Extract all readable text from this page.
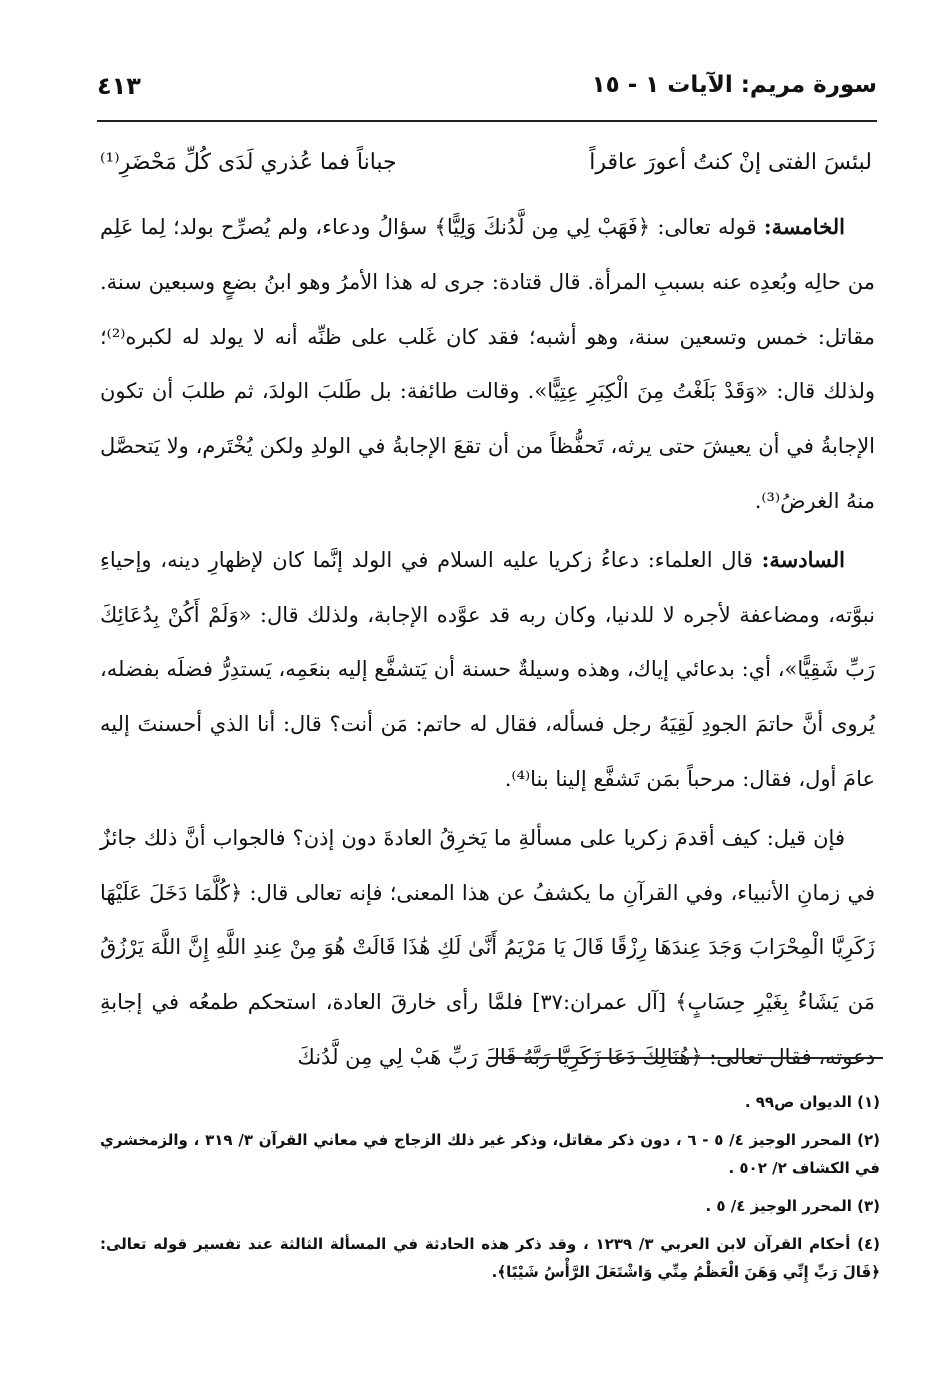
سورة مريم: الآيات ١ - ١٥
٤١٣
لبئسَ الفتى إنْ كنتُ أعورَ عاقراً
جباناً فما عُذري لَدَى كُلِّ مَحْضَرِ⁽¹⁾

الخامسة: قوله تعالى: ﴿فَهَبْ لِي مِن لَّدُنكَ وَلِيًّا﴾ سؤالُ ودعاء، ولم يُصرِّح بولد؛ لِما عَلِم من حالِه وبُعدِه عنه بسببِ المرأة. قال قتادة: جرى له هذا الأمرُ وهو ابنُ بضعٍ وسبعين سنة. مقاتل: خمس وتسعين سنة، وهو أشبه؛ فقد كان غَلب على ظنِّه أنه لا يولد له لكبره⁽²⁾؛ ولذلك قال: «وَقَدْ بَلَغْتُ مِنَ الْكِبَرِ عِتِيًّا». وقالت طائفة: بل طَلبَ الولدَ، ثم طلبَ أن تكون الإجابةُ في أن يعيشَ حتى يرثه، تَحفُّظاً من أن تقعَ الإجابةُ في الولدِ ولكن يُخْتَرم، ولا يَتحصَّل منهُ الغرضُ⁽³⁾.

السادسة: قال العلماء: دعاءُ زكريا عليه السلام في الولد إنَّما كان لإظهارِ دينه، وإحياءِ نبوَّته، ومضاعفة لأجره لا للدنيا، وكان ربه قد عوَّده الإجابة، ولذلك قال: «وَلَمْ أَكُنْ بِدُعَائِكَ رَبِّ شَقِيًّا»، أي: بدعائي إياك، وهذه وسيلةٌ حسنة أن يَتشفَّع إليه بنعَمِه، يَستدِرُّ فضلَه بفضله، يُروى أنَّ حاتمَ الجودِ لَقِيَهُ رجل فسأله، فقال له حاتم: مَن أنت؟ قال: أنا الذي أحسنتَ إليه عامَ أول، فقال: مرحباً بمَن تَشفَّع إلينا بنا⁽⁴⁾.

فإن قيل: كيف أقدمَ زكريا على مسألةِ ما يَخرِقُ العادةَ دون إذن؟ فالجواب أنَّ ذلك جائزٌ في زمانِ الأنبياء، وفي القرآنِ ما يكشفُ عن هذا المعنى؛ فإنه تعالى قال: ﴿كُلَّمَا دَخَلَ عَلَيْهَا زَكَرِيَّا الْمِحْرَابَ وَجَدَ عِندَهَا رِزْقًا قَالَ يَا مَرْيَمُ أَنَّىٰ لَكِ هَٰذَا قَالَتْ هُوَ مِنْ عِندِ اللَّهِ إِنَّ اللَّهَ يَرْزُقُ مَن يَشَاءُ بِغَيْرِ حِسَابٍ﴾ [آل عمران:٣٧] فلمَّا رأى خارقَ العادة، استحكم طمعُه في إجابةِ دعوته، فقال تعالى: ﴿هُنَالِكَ دَعَا زَكَرِيَّا رَبَّهُ قَالَ رَبِّ هَبْ لِي مِن لَّدُنكَ

(١) الديوان ص٩٩ .

(٢) المحرر الوجيز ٤/ ٥ - ٦ ، دون ذكر مقاتل، وذكر غير ذلك الزجاج في معاني القرآن ٣/ ٣١٩ ، والزمخشري في الكشاف ٢/ ٥٠٢ .

(٣) المحرر الوجيز ٤/ ٥ .

(٤) أحكام القرآن لابن العربي ٣/ ١٢٣٩ ، وقد ذكر هذه الحادثة في المسألة الثالثة عند تفسير قوله تعالى: ﴿قَالَ رَبِّ إِنِّي وَهَنَ الْعَظْمُ مِنِّي وَاشْتَعَلَ الرَّأْسُ شَيْبًا﴾.
